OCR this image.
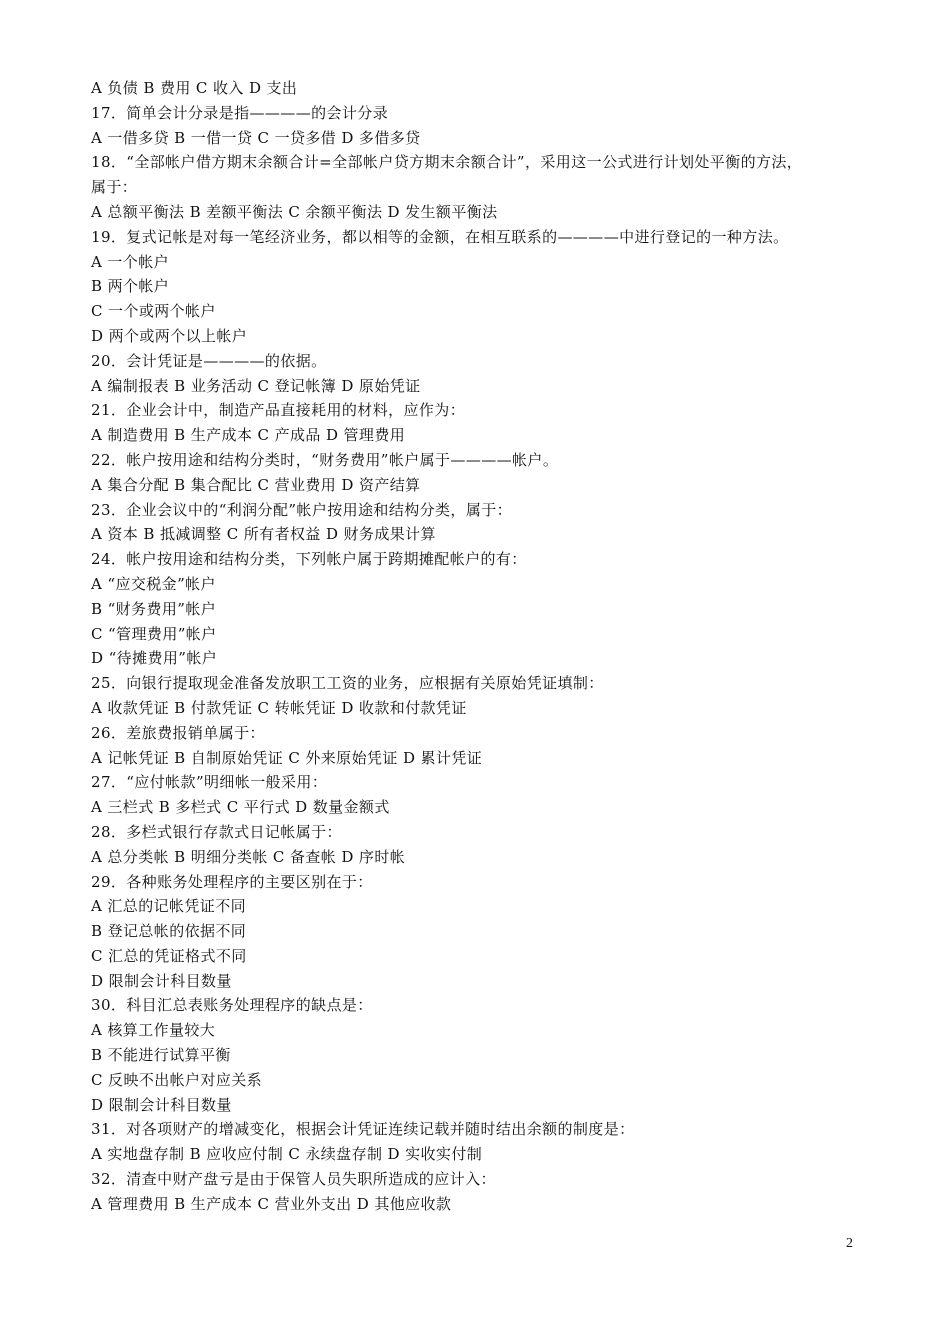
A 负债 B 费用 C 收入 D 支出
17．简单会计分录是指————的会计分录
A 一借多贷 B 一借一贷 C 一贷多借 D 多借多贷
18．“全部帐户借方期末余额合计=全部帐户贷方期末余额合计”，采用这一公式进行计划处平衡的方法，
属于：
A 总额平衡法 B 差额平衡法 C 余额平衡法 D 发生额平衡法
19．复式记帐是对每一笔经济业务，都以相等的金额，在相互联系的————中进行登记的一种方法。
A 一个帐户
B 两个帐户
C 一个或两个帐户
D 两个或两个以上帐户
20．会计凭证是————的依据。
A 编制报表 B 业务活动 C 登记帐簿 D 原始凭证
21．企业会计中，制造产品直接耗用的材料，应作为：
A 制造费用 B 生产成本 C 产成品 D 管理费用
22．帐户按用途和结构分类时，“财务费用”帐户属于————帐户。
A 集合分配 B 集合配比 C 营业费用 D 资产结算
23．企业会议中的“利润分配”帐户按用途和结构分类，属于：
A 资本 B 抵减调整 C 所有者权益 D 财务成果计算
24．帐户按用途和结构分类，下列帐户属于跨期摊配帐户的有：
A “应交税金”帐户
B “财务费用”帐户
C “管理费用”帐户
D “待摊费用”帐户
25．向银行提取现金准备发放职工工资的业务，应根据有关原始凭证填制：
A 收款凭证 B 付款凭证 C 转帐凭证 D 收款和付款凭证
26．差旅费报销单属于：
A 记帐凭证 B 自制原始凭证 C 外来原始凭证 D 累计凭证
27．“应付帐款”明细帐一般采用：
A 三栏式 B 多栏式 C 平行式 D 数量金额式
28．多栏式银行存款式日记帐属于：
A 总分类帐 B 明细分类帐 C 备查帐 D 序时帐
29．各种账务处理程序的主要区别在于：
A 汇总的记帐凭证不同
B 登记总帐的依据不同
C 汇总的凭证格式不同
D 限制会计科目数量
30．科目汇总表账务处理程序的缺点是：
A 核算工作量较大
B 不能进行试算平衡
C 反映不出帐户对应关系
D 限制会计科目数量
31．对各项财产的增减变化，根据会计凭证连续记载并随时结出余额的制度是：
A 实地盘存制 B 应收应付制 C 永续盘存制 D 实收实付制
32．清查中财产盘亏是由于保管人员失职所造成的应计入：
A 管理费用 B 生产成本 C 营业外支出 D 其他应收款
2
